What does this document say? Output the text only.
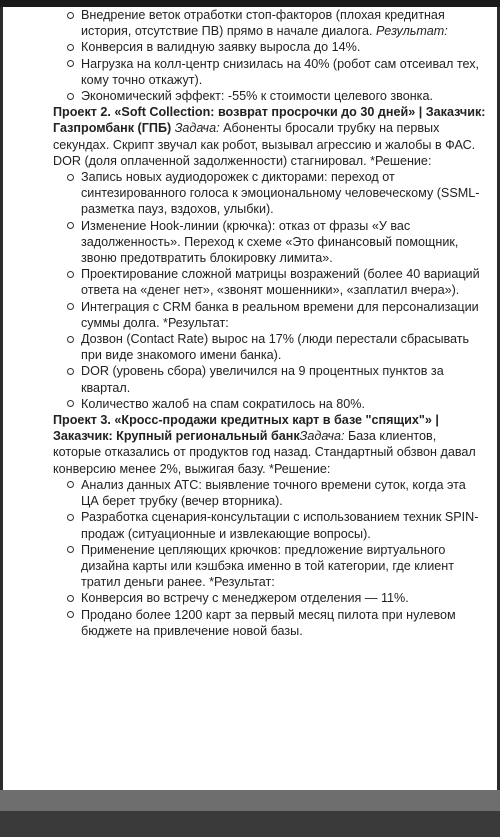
Внедрение веток отработки стоп-факторов (плохая кредитная история, отсутствие ПВ) прямо в начале диалога. Результат:
Конверсия в валидную заявку выросла до 14%.
Нагрузка на колл-центр снизилась на 40% (робот сам отсеивал тех, кому точно откажут).
Экономический эффект: -55% к стоимости целевого звонка.
Проект 2. «Soft Collection: возврат просрочки до 30 дней» | Заказчик: Газпромбанк (ГПБ) Задача: Абоненты бросали трубку на первых секундах. Скрипт звучал как робот, вызывал агрессию и жалобы в ФАС. DOR (доля оплаченной задолженности) стагнировал. *Решение:
Запись новых аудиодорожек с дикторами: переход от синтезированного голоса к эмоциональному человеческому (SSML-разметка пауз, вздохов, улыбки).
Изменение Hook-линии (крючка): отказ от фразы «У вас задолженность». Переход к схеме «Это финансовый помощник, звоню предотвратить блокировку лимита».
Проектирование сложной матрицы возражений (более 40 вариаций ответа на «денег нет», «звонят мошенники», «заплатил вчера»).
Интеграция с CRM банка в реальном времени для персонализации суммы долга. *Результат:
Дозвон (Contact Rate) вырос на 17% (люди перестали сбрасывать при виде знакомого имени банка).
DOR (уровень сбора) увеличился на 9 процентных пунктов за квартал.
Количество жалоб на спам сократилось на 80%.
Проект 3. «Кросс-продажи кредитных карт в базе "спящих"» | Заказчик: Крупный региональный банкЗадача: База клиентов, которые отказались от продуктов год назад. Стандартный обзвон давал конверсию менее 2%, выжигая базу. *Решение:
Анализ данных АТС: выявление точного времени суток, когда эта ЦА берет трубку (вечер вторника).
Разработка сценария-консультации с использованием техник SPIN-продаж (ситуационные и извлекающие вопросы).
Применение цепляющих крючков: предложение виртуального дизайна карты или кэшбэка именно в той категории, где клиент тратил деньги ранее. *Результат:
Конверсия во встречу с менеджером отделения — 11%.
Продано более 1200 карт за первый месяц пилота при нулевом бюджете на привлечение новой базы.
